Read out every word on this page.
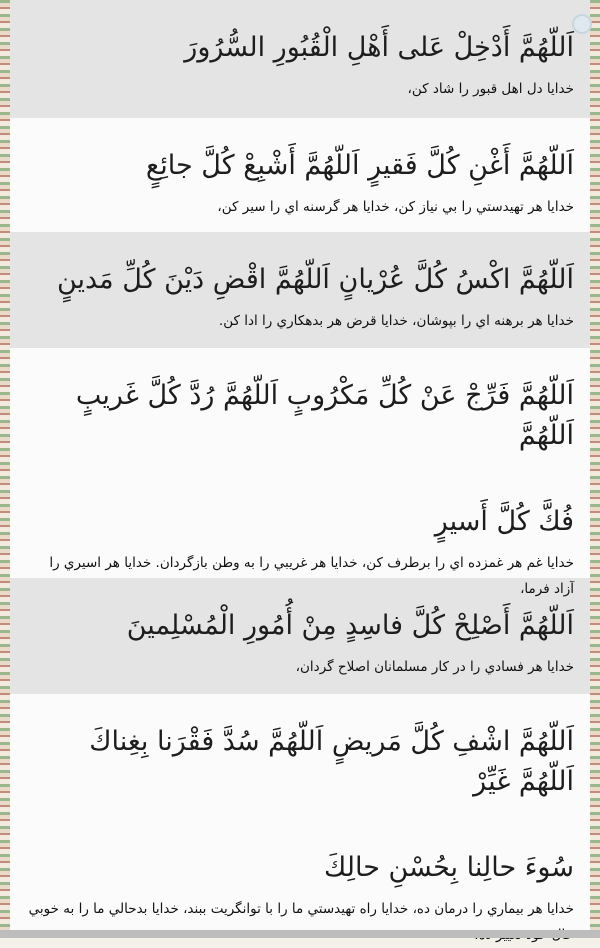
اَللّهُمَّ أَدْخِلْ عَلى أَهْلِ الْقُبُورِ السُّرُورَ

خدايا دل اهل قبور را شاد كن،

اَللّهُمَّ أَغْنِ كُلَّ فَقيرٍ اَللّهُمَّ أَشْبِعْ كُلَّ جائِعٍ

خدايا هر تهيدستي را بي نياز كن، خدايا هر گرسنه اي را سير كن،

اَللّهُمَّ اكْسُ كُلَّ عُرْيانٍ اَللّهُمَّ اقْضِ دَيْنَ كُلِّ مَدينٍ

خدايا هر برهنه اي را بپوشان، خدايا قرض هر بدهكاري را ادا كن.

اَللّهُمَّ فَرِّجْ عَنْ كُلِّ مَكْرُوبٍ اَللّهُمَّ رُدَّ كُلَّ غَريبٍ اَللّهُمَّ
فُكَّ كُلَّ أَسيرٍ

خدايا غم هر غمزده اي را برطرف كن، خدايا هر غريبي را به وطن بازگردان. خدايا هر اسيري را آزاد فرما،

اَللّهُمَّ أَصْلِحْ كُلَّ فاسِدٍ مِنْ أُمُورِ الْمُسْلِمينَ

خدايا هر فسادي را در كار مسلمانان اصلاح گردان،

اَللّهُمَّ اشْفِ كُلَّ مَريضٍ اَللّهُمَّ سُدَّ فَقْرَنا بِغِناكَ اَللّهُمَّ غَيِّرْ
سُوءَ حالِنا بِحُسْنِ حالِكَ

خدايا هر بيماري را درمان ده، خدايا راه تهيدستي ما را با توانگريت ببند، خدايا بدحالي ما را به خوبي
